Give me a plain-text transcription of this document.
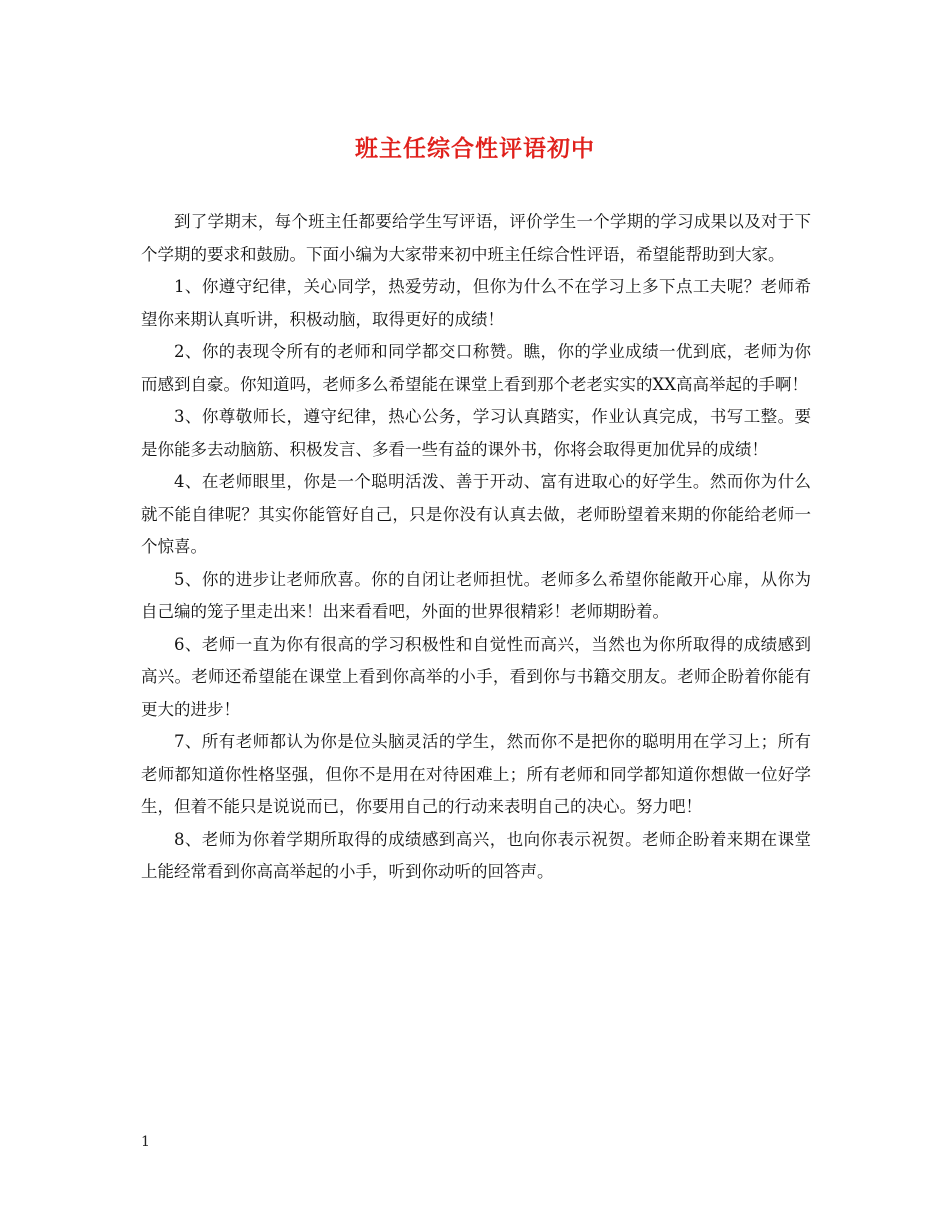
班主任综合性评语初中

到了学期末，每个班主任都要给学生写评语，评价学生一个学期的学习成果以及对于下个学期的要求和鼓励。下面小编为大家带来初中班主任综合性评语，希望能帮助到大家。

1、你遵守纪律，关心同学，热爱劳动，但你为什么不在学习上多下点工夫呢？老师希望你来期认真听讲，积极动脑，取得更好的成绩！

2、你的表现令所有的老师和同学都交口称赞。瞧，你的学业成绩一优到底，老师为你而感到自豪。你知道吗，老师多么希望能在课堂上看到那个老老实实的XX高高举起的手啊！

3、你尊敬师长，遵守纪律，热心公务，学习认真踏实，作业认真完成，书写工整。要是你能多去动脑筋、积极发言、多看一些有益的课外书，你将会取得更加优异的成绩！

4、在老师眼里，你是一个聪明活泼、善于开动、富有进取心的好学生。然而你为什么就不能自律呢？其实你能管好自己，只是你没有认真去做，老师盼望着来期的你能给老师一个惊喜。

5、你的进步让老师欣喜。你的自闭让老师担忧。老师多么希望你能敞开心扉，从你为自己编的笼子里走出来！出来看看吧，外面的世界很精彩！老师期盼着。

6、老师一直为你有很高的学习积极性和自觉性而高兴，当然也为你所取得的成绩感到高兴。老师还希望能在课堂上看到你高举的小手，看到你与书籍交朋友。老师企盼着你能有更大的进步！

7、所有老师都认为你是位头脑灵活的学生，然而你不是把你的聪明用在学习上；所有老师都知道你性格坚强，但你不是用在对待困难上；所有老师和同学都知道你想做一位好学生，但着不能只是说说而已，你要用自己的行动来表明自己的决心。努力吧！

8、老师为你着学期所取得的成绩感到高兴，也向你表示祝贺。老师企盼着来期在课堂上能经常看到你高高举起的小手，听到你动听的回答声。

1
